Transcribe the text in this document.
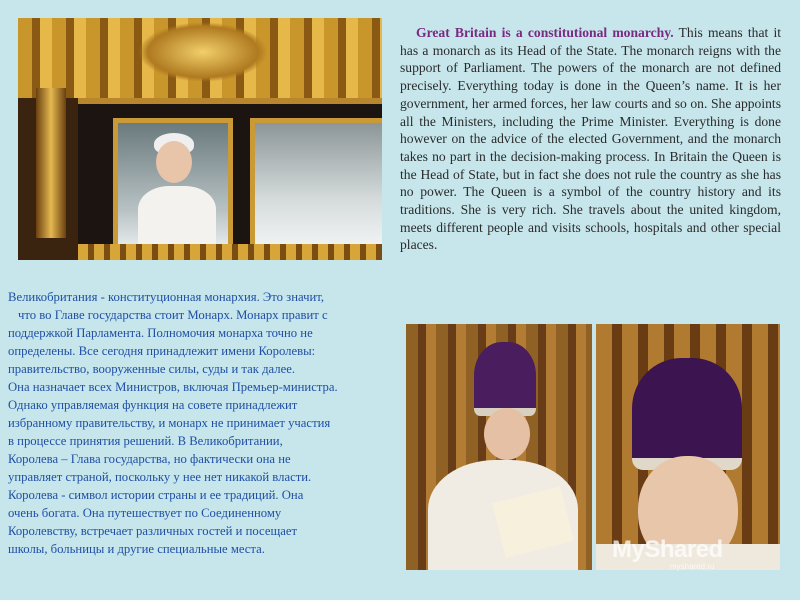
Great Britain is a constitutional monarchy. This means that it has a monarch as its Head of the State. The monarch reigns with the support of Parliament. The powers of the monarch are not defined precisely. Everything today is done in the Queen’s name. It is her government, her armed forces, her law courts and so on. She appoints all the Ministers, including the Prime Minister. Everything is done however on the advice of the elected Government, and the monarch takes no part in the decision-making process. In Britain the Queen is the Head of State, but in fact she does not rule the country as she has no power. The Queen is a symbol of the country history and its traditions. She is very rich. She travels about the united kingdom, meets different people and visits schools, hospitals and other special places.

Великобритания - конституционная монархия. Это значит,
что во Главе государства стоит Монарх. Монарх правит с
поддержкой Парламента. Полномочия монарха точно не
определены. Все сегодня принадлежит имени Королевы:
правительство, вооруженные силы, суды и так далее.
Она назначает всех Министров, включая Премьер-министра.
Однако управляемая функция на совете принадлежит
избранному правительству, и монарх не принимает участия
в процессе принятия решений. В Великобритании,
Королева – Глава государства, но фактически она не
управляет страной, поскольку у нее нет никакой власти.
Королева - символ истории страны и ее традиций. Она
очень богата. Она путешествует по Соединенному
Королевству, встречает различных гостей и посещает
школы, больницы и другие специальные места.	MyShared
myshared.ru
